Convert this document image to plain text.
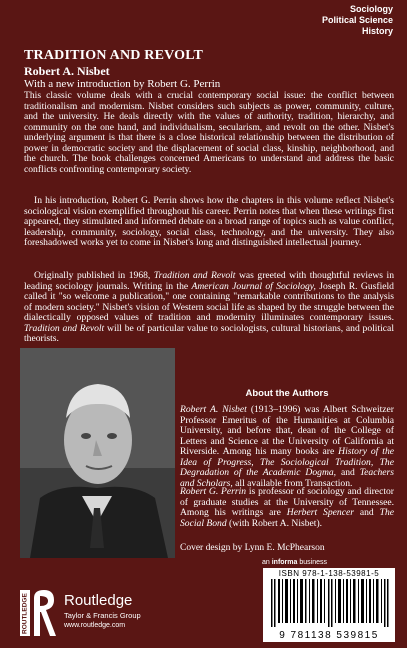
Sociology
Political Science
History
TRADITION AND REVOLT
Robert A. Nisbet
With a new introduction by Robert G. Perrin

This classic volume deals with a crucial contemporary social issue: the conflict between traditionalism and modernism. Nisbet considers such subjects as power, community, culture, and the university. He deals directly with the values of authority, tradition, hierarchy, and community on the one hand, and individualism, secularism, and revolt on the other. Nisbet's underlying argument is that there is a close historical relationship between the distribution of power in democratic society and the displacement of social class, kinship, neighborhood, and the church. The book challenges concerned Americans to understand and address the basic conflicts confronting contemporary society.

In his introduction, Robert G. Perrin shows how the chapters in this volume reflect Nisbet's sociological vision exemplified throughout his career. Perrin notes that when these writings first appeared, they stimulated and informed debate on a broad range of topics such as value conflict, leadership, community, sociology, social class, technology, and the university. They also foreshadowed works yet to come in Nisbet's long and distinguished intellectual journey.

Originally published in 1968, Tradition and Revolt was greeted with thoughtful reviews in leading sociology journals. Writing in the American Journal of Sociology, Joseph R. Gusfield called it "so welcome a publication," one containing "remarkable contributions to the analysis of modern society." Nisbet's vision of Western social life as shaped by the struggle between the dialectically opposed values of tradition and modernity illuminates contemporary issues. Tradition and Revolt will be of particular value to sociologists, cultural historians, and political theorists.

About the Authors

Robert A. Nisbet (1913–1996) was Albert Schweitzer Professor Emeritus of the Humanities at Columbia University, and before that, dean of the College of Letters and Science at the University of California at Riverside. Among his many books are History of the Idea of Progress, The Sociological Tradition, The Degradation of the Academic Dogma, and Teachers and Scholars, all available from Transaction.

Robert G. Perrin is professor of sociology and director of graduate studies at the University of Tennessee. Among his writings are Herbert Spencer and The Social Bond (with Robert A. Nisbet).

Cover design by Lynn E. McPhearson
an informa business
ISBN 978-1-138-53981-5
9 781138 539815
ROUTLEDGE Routledge
Taylor & Francis Group
www.routledge.com
